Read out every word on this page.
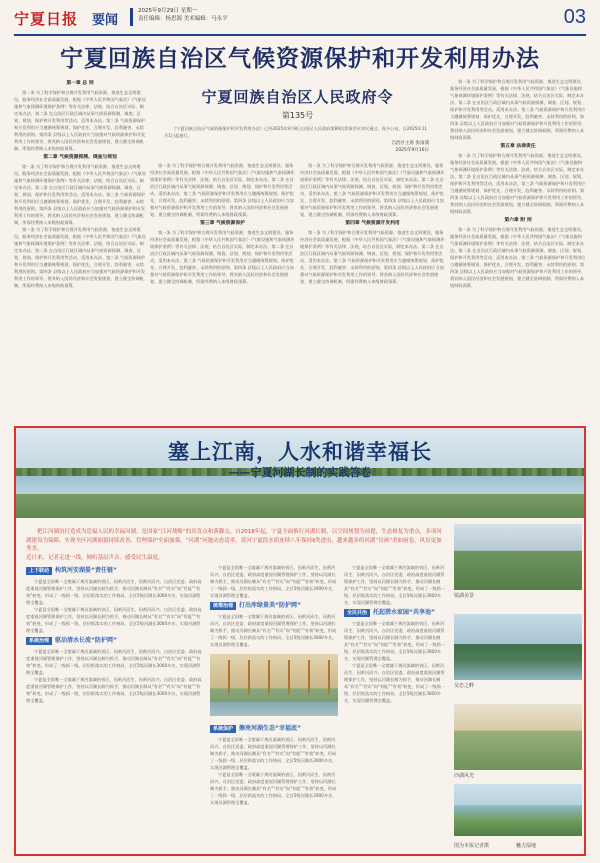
宁夏日报 要闻
2025年9月29日 星期一
责任编辑：杨思源 美术编辑：马永平	03
宁夏回族自治区气候资源保护和开发利用办法
第一章 总 则

第一条 为了科学保护和合理开发利用气候资源，推进生态文明建设，服务经济社会高质量发展，根据《中华人民共和国气象法》《气象设施和气象探测环境保护条例》等有关法律、法规，结合自治区实际，制定本办法。第二条 在自治区行政区域内从事气候资源探测、调查、区划、规划、保护和开发利用等活动，适用本办法。第三条 气候资源保护和开发利用应当遵循统筹规划、保护优先、合理开发、趋利避害、永续利用的原则。第四条 县级以上人民政府应当加强对气候资源保护和开发利用工作的领导，将其纳入国民经济和社会发展规划，建立健全协调机制，所需经费纳入本级财政预算。

第二章 气候资源探测、调查与规划

第一条 为了科学保护和合理开发利用气候资源，推进生态文明建设，服务经济社会高质量发展，根据《中华人民共和国气象法》《气象设施和气象探测环境保护条例》等有关法律、法规，结合自治区实际，制定本办法。第二条 在自治区行政区域内从事气候资源探测、调查、区划、规划、保护和开发利用等活动，适用本办法。第三条 气候资源保护和开发利用应当遵循统筹规划、保护优先、合理开发、趋利避害、永续利用的原则。第四条 县级以上人民政府应当加强对气候资源保护和开发利用工作的领导，将其纳入国民经济和社会发展规划，建立健全协调机制，所需经费纳入本级财政预算。

第一条 为了科学保护和合理开发利用气候资源，推进生态文明建设，服务经济社会高质量发展，根据《中华人民共和国气象法》《气象设施和气象探测环境保护条例》等有关法律、法规，结合自治区实际，制定本办法。第二条 在自治区行政区域内从事气候资源探测、调查、区划、规划、保护和开发利用等活动，适用本办法。第三条 气候资源保护和开发利用应当遵循统筹规划、保护优先、合理开发、趋利避害、永续利用的原则。第四条 县级以上人民政府应当加强对气候资源保护和开发利用工作的领导，将其纳入国民经济和社会发展规划，建立健全协调机制，所需经费纳入本级财政预算。

宁夏回族自治区人民政府令
第135号
《宁夏回族自治区气候资源保护和开发利用办法》已经2025年9月8日自治区人民政府第89次常务会议审议通过，现予公布，自2025年11月1日起施行。
自治区主席 张雨浦
2025年9月16日

第一条 为了科学保护和合理开发利用气候资源，推进生态文明建设，服务经济社会高质量发展，根据《中华人民共和国气象法》《气象设施和气象探测环境保护条例》等有关法律、法规，结合自治区实际，制定本办法。第二条 在自治区行政区域内从事气候资源探测、调查、区划、规划、保护和开发利用等活动，适用本办法。第三条 气候资源保护和开发利用应当遵循统筹规划、保护优先、合理开发、趋利避害、永续利用的原则。第四条 县级以上人民政府应当加强对气候资源保护和开发利用工作的领导，将其纳入国民经济和社会发展规划，建立健全协调机制，所需经费纳入本级财政预算。

第三章 气候资源保护

第一条 为了科学保护和合理开发利用气候资源，推进生态文明建设，服务经济社会高质量发展，根据《中华人民共和国气象法》《气象设施和气象探测环境保护条例》等有关法律、法规，结合自治区实际，制定本办法。第二条 在自治区行政区域内从事气候资源探测、调查、区划、规划、保护和开发利用等活动，适用本办法。第三条 气候资源保护和开发利用应当遵循统筹规划、保护优先、合理开发、趋利避害、永续利用的原则。第四条 县级以上人民政府应当加强对气候资源保护和开发利用工作的领导，将其纳入国民经济和社会发展规划，建立健全协调机制，所需经费纳入本级财政预算。

第一条 为了科学保护和合理开发利用气候资源，推进生态文明建设，服务经济社会高质量发展，根据《中华人民共和国气象法》《气象设施和气象探测环境保护条例》等有关法律、法规，结合自治区实际，制定本办法。第二条 在自治区行政区域内从事气候资源探测、调查、区划、规划、保护和开发利用等活动，适用本办法。第三条 气候资源保护和开发利用应当遵循统筹规划、保护优先、合理开发、趋利避害、永续利用的原则。第四条 县级以上人民政府应当加强对气候资源保护和开发利用工作的领导，将其纳入国民经济和社会发展规划，建立健全协调机制，所需经费纳入本级财政预算。

第四章 气候资源开发利用

第一条 为了科学保护和合理开发利用气候资源，推进生态文明建设，服务经济社会高质量发展，根据《中华人民共和国气象法》《气象设施和气象探测环境保护条例》等有关法律、法规，结合自治区实际，制定本办法。第二条 在自治区行政区域内从事气候资源探测、调查、区划、规划、保护和开发利用等活动，适用本办法。第三条 气候资源保护和开发利用应当遵循统筹规划、保护优先、合理开发、趋利避害、永续利用的原则。第四条 县级以上人民政府应当加强对气候资源保护和开发利用工作的领导，将其纳入国民经济和社会发展规划，建立健全协调机制，所需经费纳入本级财政预算。

第一条 为了科学保护和合理开发利用气候资源，推进生态文明建设，服务经济社会高质量发展，根据《中华人民共和国气象法》《气象设施和气象探测环境保护条例》等有关法律、法规，结合自治区实际，制定本办法。第二条 在自治区行政区域内从事气候资源探测、调查、区划、规划、保护和开发利用等活动，适用本办法。第三条 气候资源保护和开发利用应当遵循统筹规划、保护优先、合理开发、趋利避害、永续利用的原则。第四条 县级以上人民政府应当加强对气候资源保护和开发利用工作的领导，将其纳入国民经济和社会发展规划，建立健全协调机制，所需经费纳入本级财政预算。

第五章 法律责任

第一条 为了科学保护和合理开发利用气候资源，推进生态文明建设，服务经济社会高质量发展，根据《中华人民共和国气象法》《气象设施和气象探测环境保护条例》等有关法律、法规，结合自治区实际，制定本办法。第二条 在自治区行政区域内从事气候资源探测、调查、区划、规划、保护和开发利用等活动，适用本办法。第三条 气候资源保护和开发利用应当遵循统筹规划、保护优先、合理开发、趋利避害、永续利用的原则。第四条 县级以上人民政府应当加强对气候资源保护和开发利用工作的领导，将其纳入国民经济和社会发展规划，建立健全协调机制，所需经费纳入本级财政预算。

第六章 附 则

第一条 为了科学保护和合理开发利用气候资源，推进生态文明建设，服务经济社会高质量发展，根据《中华人民共和国气象法》《气象设施和气象探测环境保护条例》等有关法律、法规，结合自治区实际，制定本办法。第二条 在自治区行政区域内从事气候资源探测、调查、区划、规划、保护和开发利用等活动，适用本办法。第三条 气候资源保护和开发利用应当遵循统筹规划、保护优先、合理开发、趋利避害、永续利用的原则。第四条 县级以上人民政府应当加强对气候资源保护和开发利用工作的领导，将其纳入国民经济和社会发展规划，建立健全协调机制，所需经费纳入本级财政预算。

塞上江南，人水和谐幸福长
——宁夏河湖长制的实践答卷
把江河湖泊打造成为造福人民的幸福河湖，是国家“江河战略”的出发点和落脚点。自2018年起，宁夏全面推行河湖长制，以空间规划为前提，生态修复为重点，多项河湖建设为保障，实现全区河湖面貌持续改善、管理保护全面加强。“河湖”问题动态清零，黄河宁夏段水质连续八年保持Ⅱ类进出，越来越多的河湖“诗画”美如画卷，风景更加秀美。
近日来，记者走进一线，倾听基层声音、感受民生温度。
上下联动 构筑河安湖晏“责任链”

宁夏是全国唯一全境属于黄河流域的省区，因黄河而生、因黄河而兴。自治区党委、政府高度重视河湖管理保护工作，坚持以河湖长制为抓手，推动河湖长制从“有名”“有实”向“有能”“有效”转变，形成了一级抓一级、层层抓落实的工作格局。全区5级河湖长3000多名，实现河湖管理全覆盖。

宁夏是全国唯一全境属于黄河流域的省区，因黄河而生、因黄河而兴。自治区党委、政府高度重视河湖管理保护工作，坚持以河湖长制为抓手，推动河湖长制从“有名”“有实”向“有能”“有效”转变，形成了一级抓一级、层层抓落实的工作格局。全区5级河湖长3000多名，实现河湖管理全覆盖。

系统治理 驱动清水长流“防护网”

宁夏是全国唯一全境属于黄河流域的省区，因黄河而生、因黄河而兴。自治区党委、政府高度重视河湖管理保护工作，坚持以河湖长制为抓手，推动河湖长制从“有名”“有实”向“有能”“有效”转变，形成了一级抓一级、层层抓落实的工作格局。全区5级河湖长3000多名，实现河湖管理全覆盖。

宁夏是全国唯一全境属于黄河流域的省区，因黄河而生、因黄河而兴。自治区党委、政府高度重视河湖管理保护工作，坚持以河湖长制为抓手，推动河湖长制从“有名”“有实”向“有能”“有效”转变，形成了一级抓一级、层层抓落实的工作格局。全区5级河湖长3000多名，实现河湖管理全覆盖。

宁夏是全国唯一全境属于黄河流域的省区，因黄河而生、因黄河而兴。自治区党委、政府高度重视河湖管理保护工作，坚持以河湖长制为抓手，推动河湖长制从“有名”“有实”向“有能”“有效”转变，形成了一级抓一级、层层抓落实的工作格局。全区5级河湖长3000多名，实现河湖管理全覆盖。

统筹治理 打出库绿景美“防护网”

宁夏是全国唯一全境属于黄河流域的省区，因黄河而生、因黄河而兴。自治区党委、政府高度重视河湖管理保护工作，坚持以河湖长制为抓手，推动河湖长制从“有名”“有实”向“有能”“有效”转变，形成了一级抓一级、层层抓落实的工作格局。全区5级河湖长3000多名，实现河湖管理全覆盖。

系统保护 擦亮河湖生态“幸福底”

宁夏是全国唯一全境属于黄河流域的省区，因黄河而生、因黄河而兴。自治区党委、政府高度重视河湖管理保护工作，坚持以河湖长制为抓手，推动河湖长制从“有名”“有实”向“有能”“有效”转变，形成了一级抓一级、层层抓落实的工作格局。全区5级河湖长3000多名，实现河湖管理全覆盖。

宁夏是全国唯一全境属于黄河流域的省区，因黄河而生、因黄河而兴。自治区党委、政府高度重视河湖管理保护工作，坚持以河湖长制为抓手，推动河湖长制从“有名”“有实”向“有能”“有效”转变，形成了一级抓一级、层层抓落实的工作格局。全区5级河湖长3000多名，实现河湖管理全覆盖。

宁夏是全国唯一全境属于黄河流域的省区，因黄河而生、因黄河而兴。自治区党委、政府高度重视河湖管理保护工作，坚持以河湖长制为抓手，推动河湖长制从“有名”“有实”向“有能”“有效”转变，形成了一级抓一级、层层抓落实的工作格局。全区5级河湖长3000多名，实现河湖管理全覆盖。

全民共治 托起碧水家园“共享池”

宁夏是全国唯一全境属于黄河流域的省区，因黄河而生、因黄河而兴。自治区党委、政府高度重视河湖管理保护工作，坚持以河湖长制为抓手，推动河湖长制从“有名”“有实”向“有能”“有效”转变，形成了一级抓一级、层层抓落实的工作格局。全区5级河湖长3000多名，实现河湖管理全覆盖。

宁夏是全国唯一全境属于黄河流域的省区，因黄河而生、因黄河而兴。自治区党委、政府高度重视河湖管理保护工作，坚持以河湖长制为抓手，推动河湖长制从“有名”“有实”向“有能”“有效”转变，形成了一级抓一级、层层抓落实的工作格局。全区5级河湖长3000多名，实现河湖管理全覆盖。

镜湖美景
吴忠之畔
沙湖风光
魅力湿地
图为本报记者摄
